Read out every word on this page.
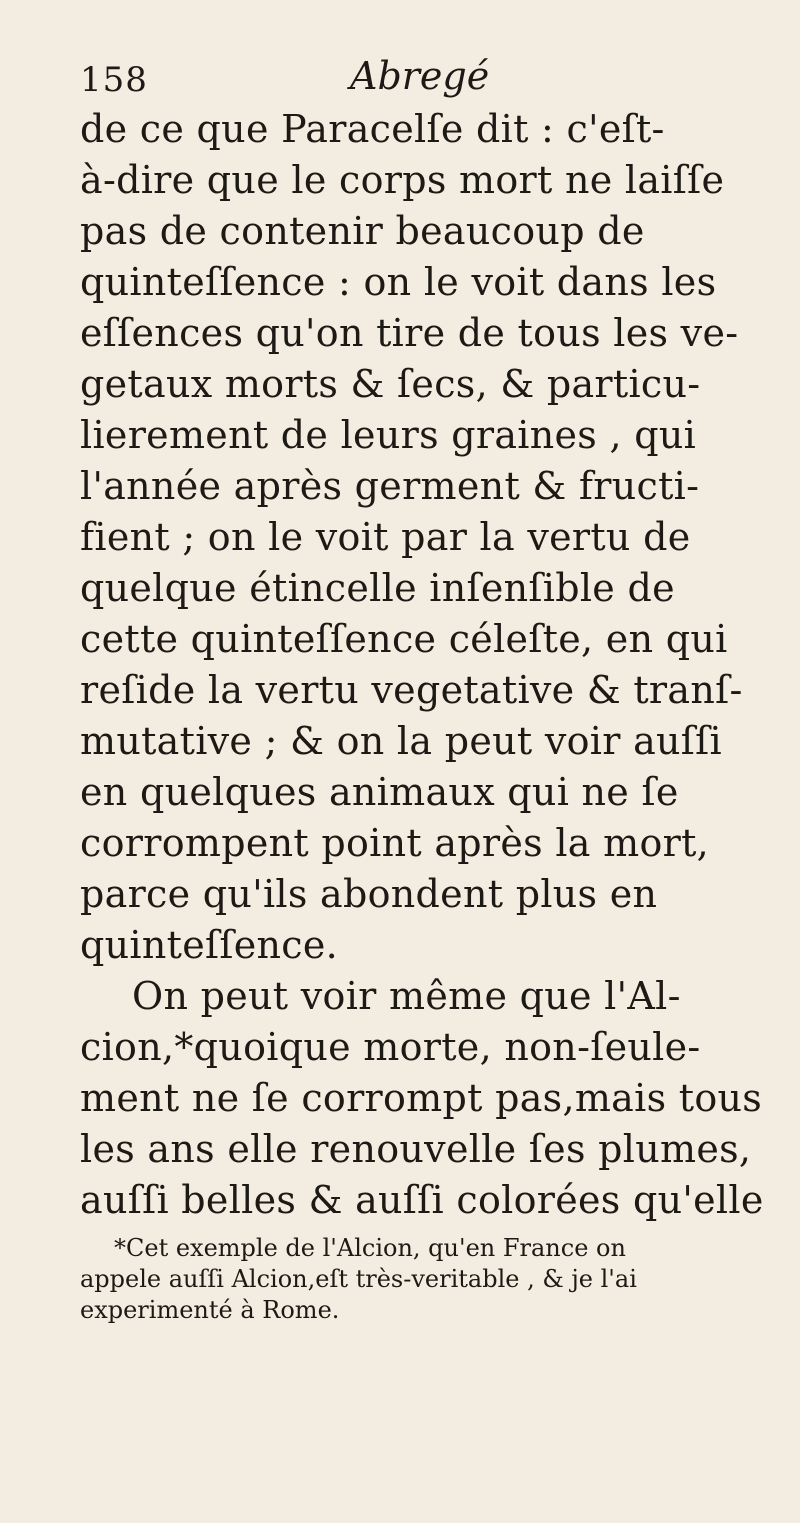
158	Abregé
de ce que Paracelſe dit : c'eſt-
à-dire que le corps mort ne laiſſe
pas de contenir beaucoup de
quinteſſence : on le voit dans les
eſſences qu'on tire de tous les ve-
getaux morts & ſecs, & particu-
lierement de leurs graines , qui
l'année après germent & fructi-
fient ; on le voit par la vertu de
quelque étincelle inſenſible de
cette quinteſſence céleſte, en qui
reſide la vertu vegetative & tranſ-
mutative ; & on la peut voir auſſi
en quelques animaux qui ne ſe
corrompent point après la mort,
parce qu'ils abondent plus en
quinteſſence.
On peut voir même que l'Al-
cion,*quoique morte, non-ſeule-
ment ne ſe corrompt pas,mais tous
les ans elle renouvelle ſes plumes,
auſſi belles & auſſi colorées qu'elle
*Cet exemple de l'Alcion, qu'en France on
appele auſſi Alcion,eſt très-veritable , & je l'ai
experimenté à Rome.
